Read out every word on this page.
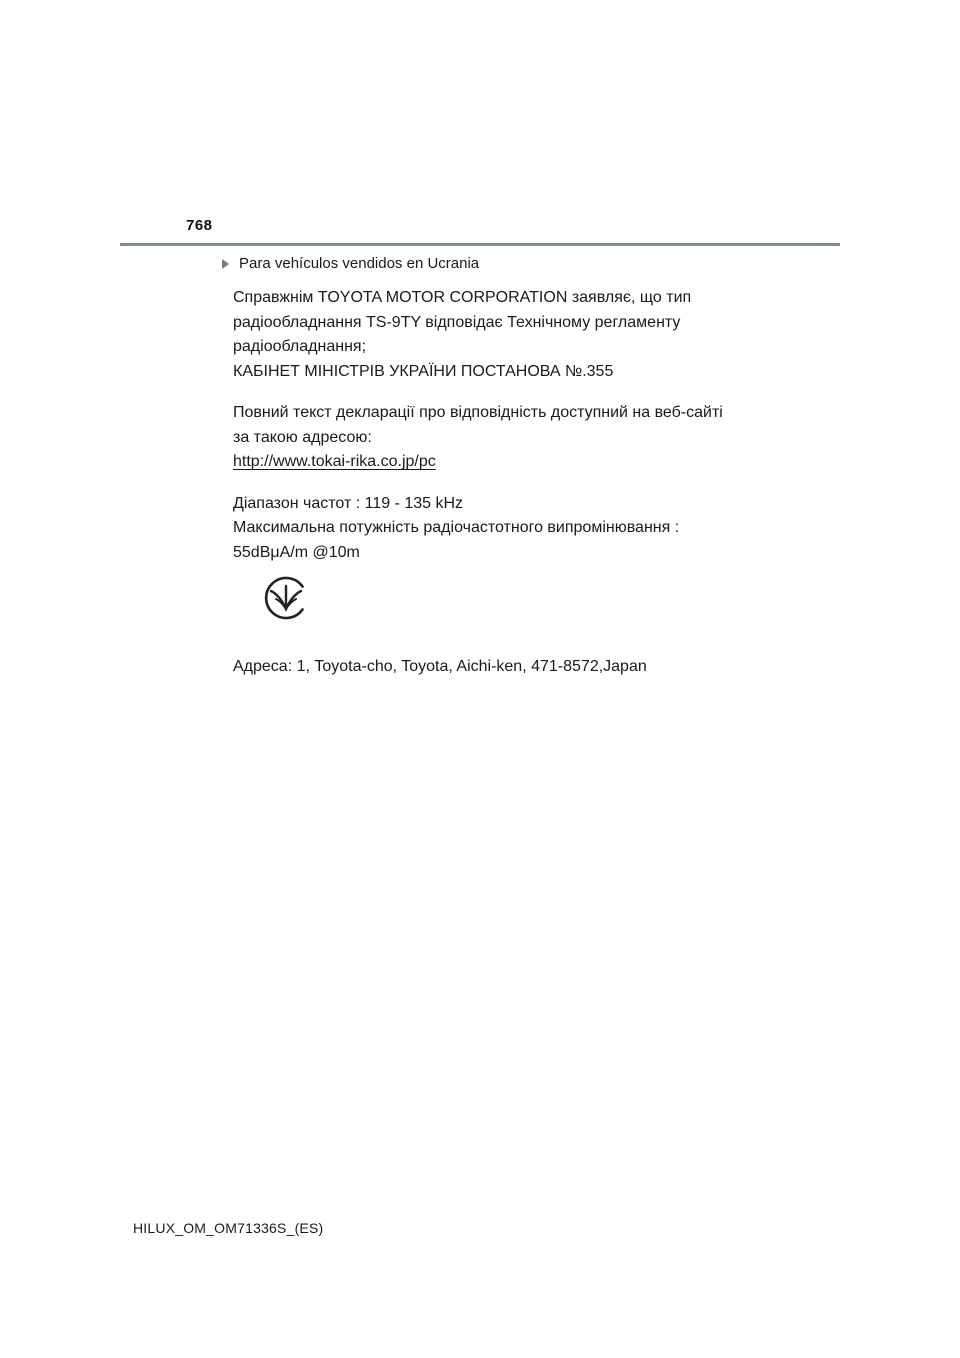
768
Para vehículos vendidos en Ucrania
Справжнім TOYOTA MOTOR CORPORATION заявляє, що тип
радіообладнання TS-9TY відповідає Технічному регламенту
радіообладнання;
КАБІНЕТ МІНІСТРІВ УКРАЇНИ ПОСТАНОВА №.355
Повний текст декларації про відповідність доступний на веб-сайті
за такою адресою:
http://www.tokai-rika.co.jp/pc
Діапазон частот : 119 - 135 kHz
Максимальна потужність радіочастотного випромінювання :
55dBμA/m @10m
Адреса: 1, Toyota-cho, Toyota, Aichi-ken, 471-8572,Japan
HILUX_OM_OM71336S_(ES)
